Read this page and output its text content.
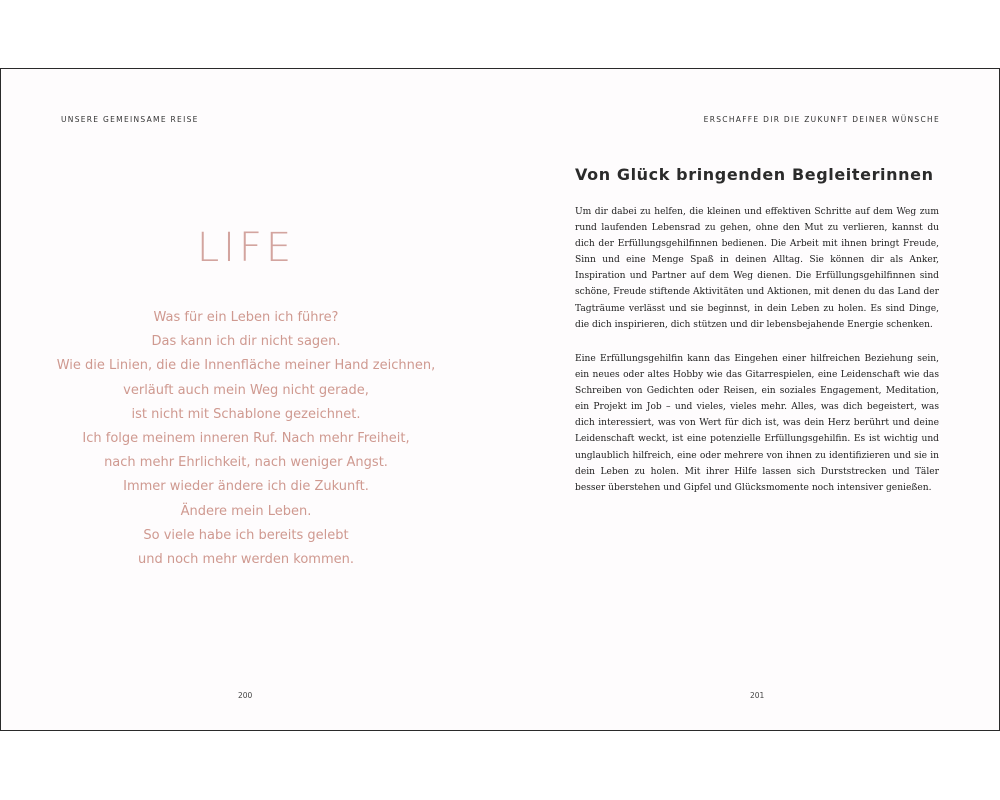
UNSERE GEMEINSAME REISE	ERSCHAFFE DIR DIE ZUKUNFT DEINER WÜNSCHE
LIFE
Was für ein Leben ich führe?
Das kann ich dir nicht sagen.
Wie die Linien, die die Innenfläche meiner Hand zeichnen,
verläuft auch mein Weg nicht gerade,
ist nicht mit Schablone gezeichnet.
Ich folge meinem inneren Ruf. Nach mehr Freiheit,
nach mehr Ehrlichkeit, nach weniger Angst.
Immer wieder ändere ich die Zukunft.
Ändere mein Leben.
So viele habe ich bereits gelebt
und noch mehr werden kommen.
Von Glück bringenden Begleiterinnen

Um dir dabei zu helfen, die kleinen und effektiven Schritte auf dem Weg zum rund laufenden Lebensrad zu gehen, ohne den Mut zu verlieren, kannst du dich der Erfüllungsgehilfinnen bedienen. Die Arbeit mit ihnen bringt Freude, Sinn und eine Menge Spaß in deinen Alltag. Sie können dir als Anker, Inspiration und Partner auf dem Weg dienen. Die Erfüllungsgehilfinnen sind schöne, Freude stiftende Aktivitäten und Aktionen, mit denen du das Land der Tagträume verlässt und sie beginnst, in dein Leben zu holen. Es sind Dinge, die dich inspirieren, dich stützen und dir lebensbejahende Energie schenken.

Eine Erfüllungsgehilfin kann das Eingehen einer hilfreichen Beziehung sein, ein neues oder altes Hobby wie das Gitarrespielen, eine Leidenschaft wie das Schreiben von Gedichten oder Reisen, ein soziales Engagement, Meditation, ein Projekt im Job – und vieles, vieles mehr. Alles, was dich begeistert, was dich interessiert, was von Wert für dich ist, was dein Herz berührt und deine Leidenschaft weckt, ist eine potenzielle Erfüllungsgehilfin. Es ist wichtig und unglaublich hilfreich, eine oder mehrere von ihnen zu identifizieren und sie in dein Leben zu holen. Mit ihrer Hilfe lassen sich Durststrecken und Täler besser überstehen und Gipfel und Glücksmomente noch intensiver genießen.

200	201
